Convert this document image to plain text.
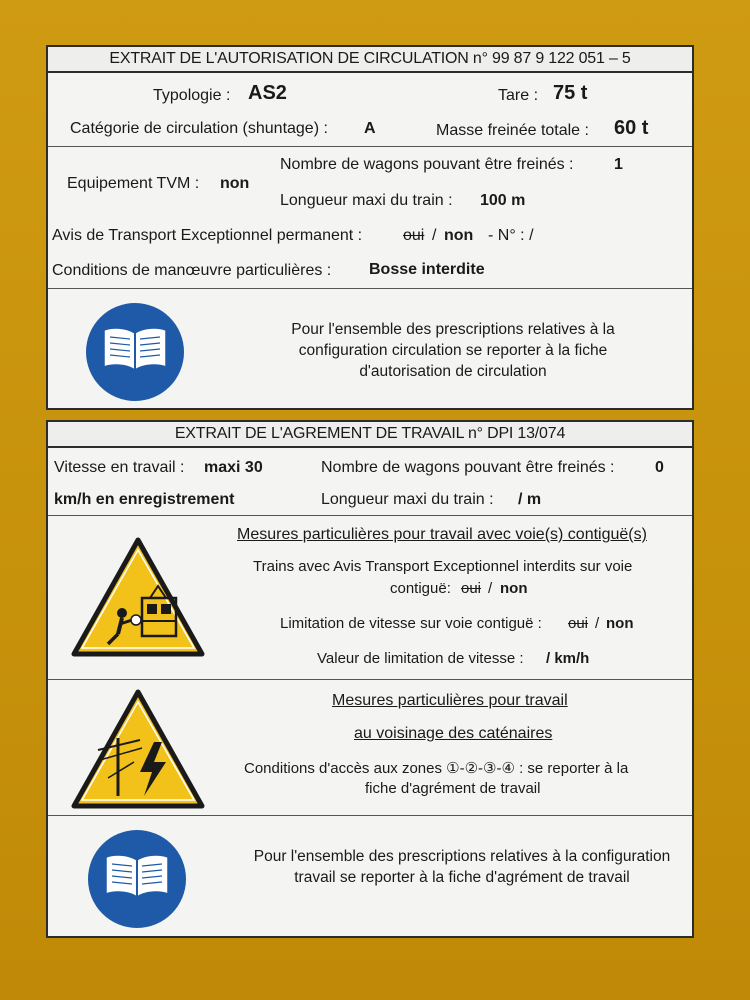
EXTRAIT DE L'AUTORISATION DE CIRCULATION n° 99 87 9 122 051 – 5
Typologie : AS2	Tare : 75 t
Catégorie de circulation (shuntage) : A	Masse freinée totale : 60 t
Nombre de wagons pouvant être freinés :	1
Equipement TVM : non
Longueur maxi du train : 100 m
Avis de Transport Exceptionnel permanent :	oui / non - N° : /
Conditions de manœuvre particulières : Bosse interdite
Pour l'ensemble des prescriptions relatives à la configuration circulation se reporter à la fiche d'autorisation de circulation
EXTRAIT DE L'AGREMENT DE TRAVAIL n° DPI 13/074
Vitesse en travail : maxi 30
km/h en enregistrement
Nombre de wagons pouvant être freinés :	0
Longueur maxi du train : / m
Mesures particulières pour travail avec voie(s) contiguë(s)
Trains avec Avis Transport Exceptionnel interdits sur voie
contiguë: oui / non
Limitation de vitesse sur voie contiguë : oui / non
Valeur de limitation de vitesse : / km/h
Mesures particulières pour travail
au voisinage des caténaires
Conditions d'accès aux zones ①-②-③-④ : se reporter à la
fiche d'agrément de travail
Pour l'ensemble des prescriptions relatives à la configuration travail se reporter à la fiche d'agrément de travail
